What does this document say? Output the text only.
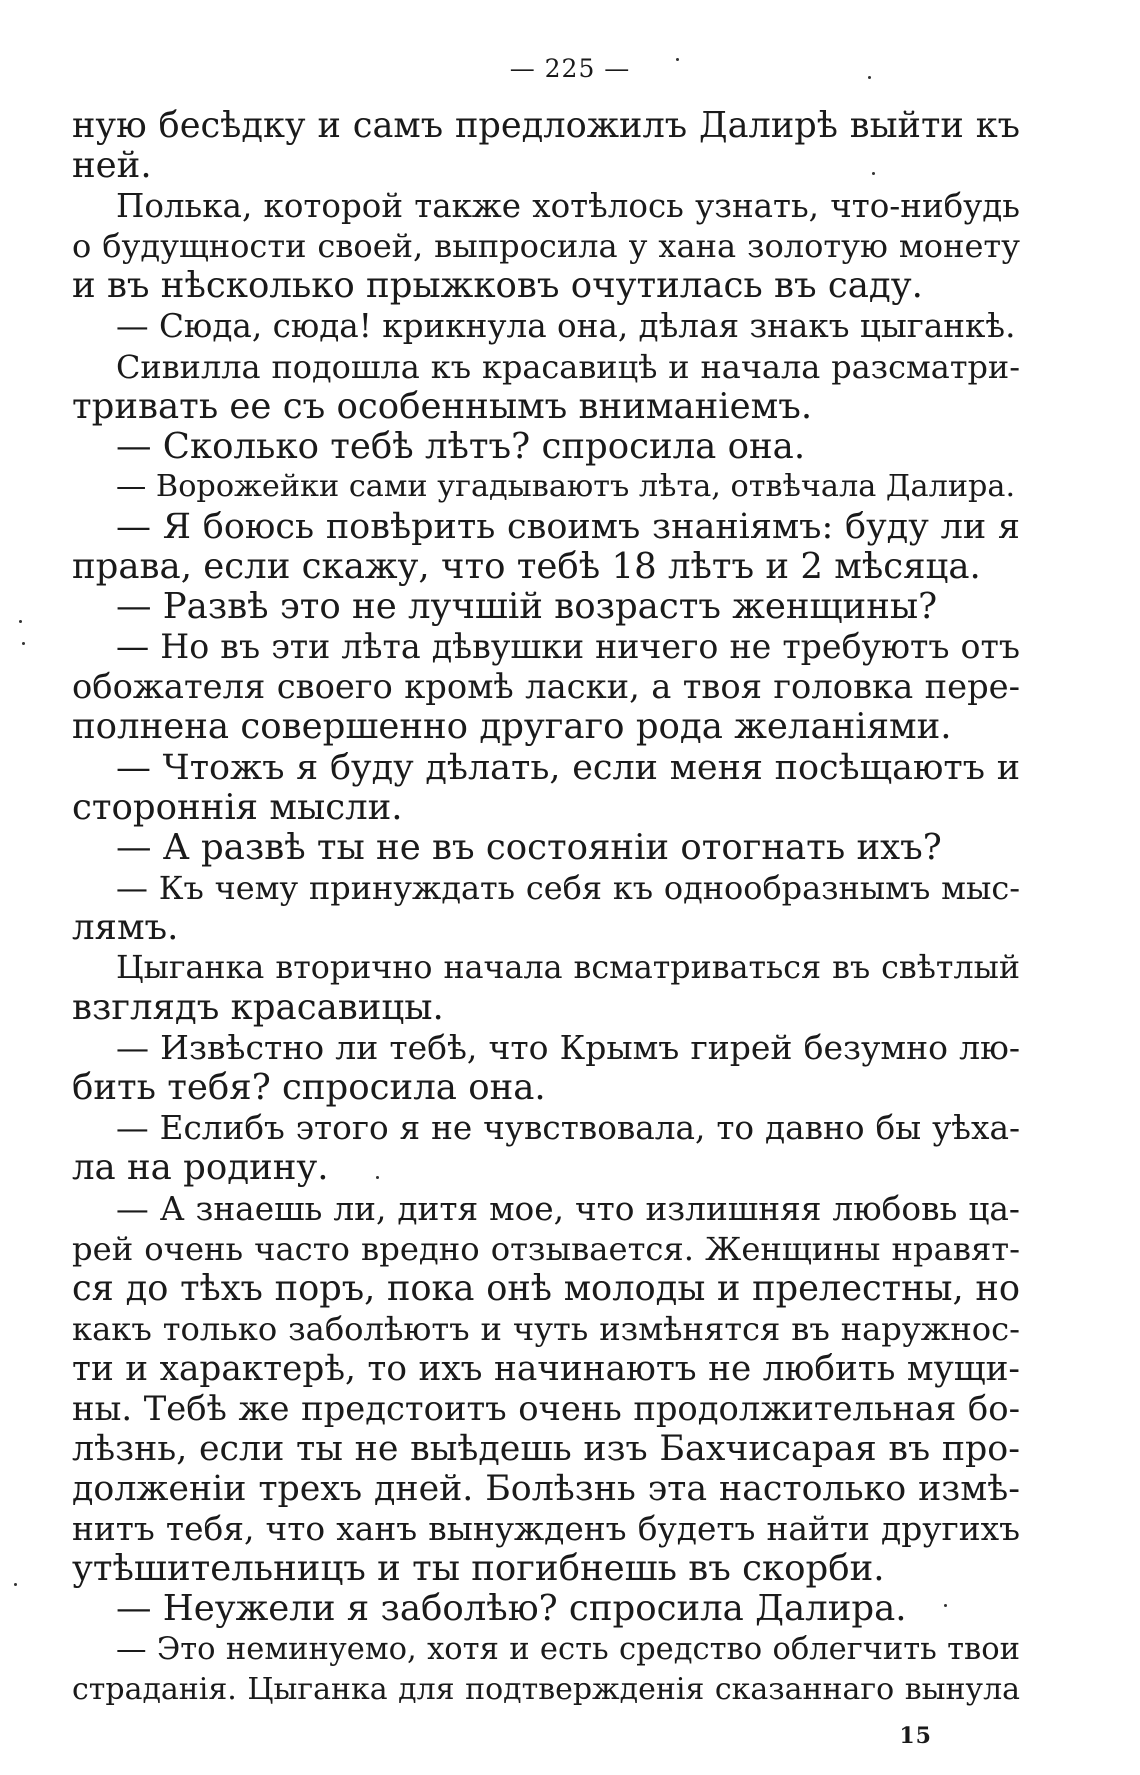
— 225 —
ную бесѣдку и самъ предложилъ Далирѣ выйти къ
ней.
Полька, которой также хотѣлось узнать, что-нибудь
о будущности своей, выпросила у хана золотую монету
и въ нѣсколько прыжковъ очутилась въ саду.
— Сюда, сюда! крикнула она, дѣлая знакъ цыганкѣ.
Сивилла подошла къ красавицѣ и начала разсматри-
тривать ее съ особеннымъ вниманіемъ.
— Сколько тебѣ лѣтъ? спросила она.
— Ворожейки сами угадываютъ лѣта, отвѣчала Далира.
— Я боюсь повѣрить своимъ знаніямъ: буду ли я
права, если скажу, что тебѣ 18 лѣтъ и 2 мѣсяца.
— Развѣ это не лучшій возрастъ женщины?
— Но въ эти лѣта дѣвушки ничего не требуютъ отъ
обожателя своего кромѣ ласки, а твоя головка пере-
полнена совершенно другаго рода желаніями.
— Чтожъ я буду дѣлать, если меня посѣщаютъ и
стороннія мысли.
— А развѣ ты не въ состояніи отогнать ихъ?
— Къ чему принуждать себя къ однообразнымъ мыс-
лямъ.
Цыганка вторично начала всматриваться въ свѣтлый
взглядъ красавицы.
— Извѣстно ли тебѣ, что Крымъ гирей безумно лю-
бить тебя? спросила она.
— Еслибъ этого я не чувствовала, то давно бы уѣха-
ла на родину.
— А знаешь ли, дитя мое, что излишняя любовь ца-
рей очень часто вредно отзывается. Женщины нравят-
ся до тѣхъ поръ, пока онѣ молоды и прелестны, но
какъ только заболѣютъ и чуть измѣнятся въ наружнос-
ти и характерѣ, то ихъ начинаютъ не любить мущи-
ны. Тебѣ же предстоитъ очень продолжительная бо-
лѣзнь, если ты не выѣдешь изъ Бахчисарая въ про-
долженіи трехъ дней. Болѣзнь эта настолько измѣ-
нитъ тебя, что ханъ вынужденъ будетъ найти другихъ
утѣшительницъ и ты погибнешь въ скорби.
— Неужели я заболѣю? спросила Далира.
— Это неминуемо, хотя и есть средство облегчить твои
страданія. Цыганка для подтвержденія сказаннаго вынула
15
